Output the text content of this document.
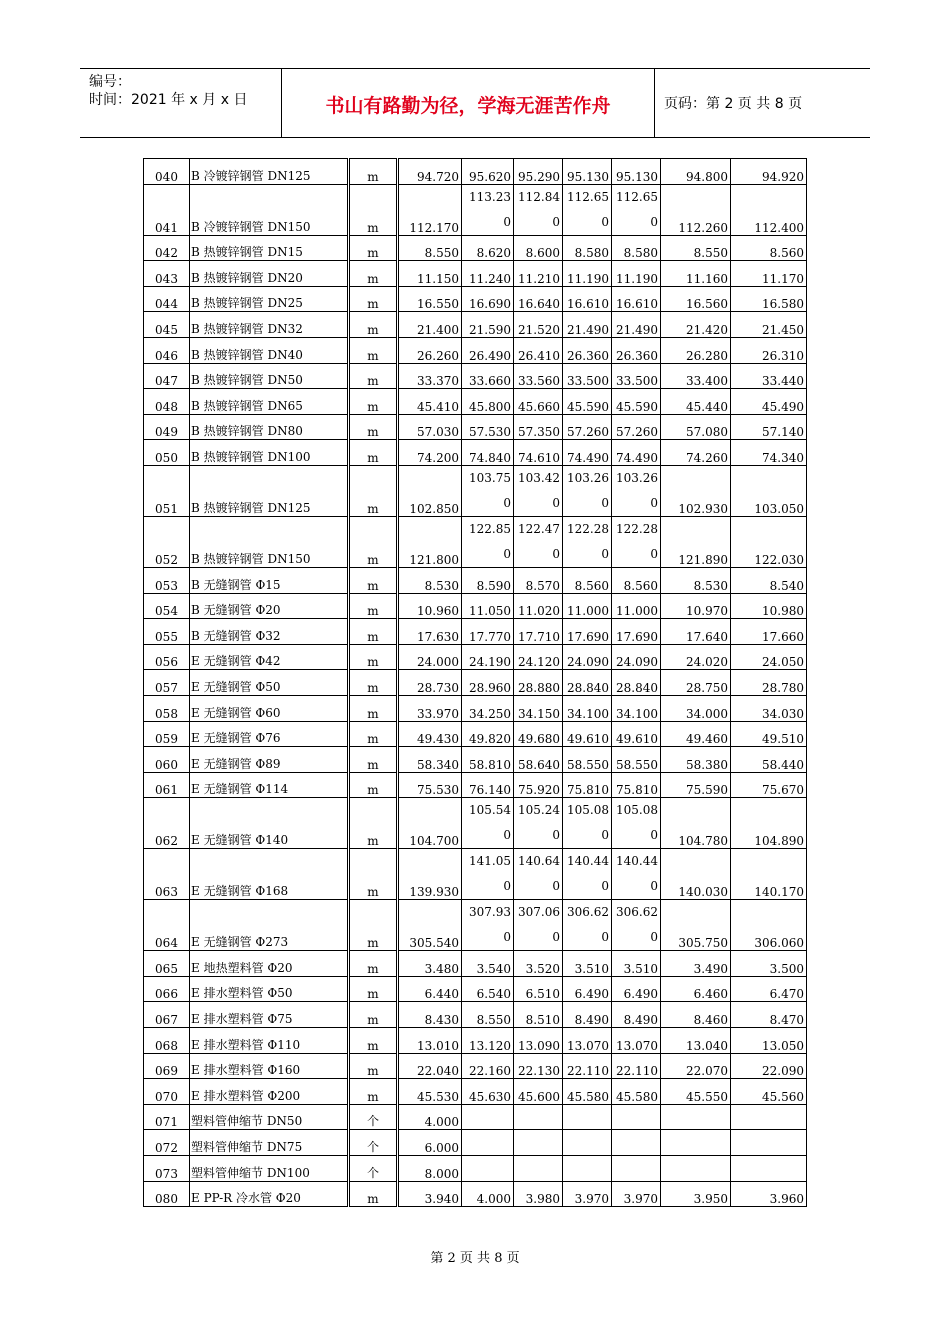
编号：
时间：2021 年 x 月 x 日	书山有路勤为径，学海无涯苦作舟	页码：第 2 页 共 8 页
040	B 冷镀锌钢管 DN125	m	94.720	95.620	95.290	95.130	95.130	94.800	94.920
041	B 冷镀锌钢管 DN150	m	112.170	113.230	112.840	112.650	112.650	112.260	112.400
042	B 热镀锌钢管 DN15	m	8.550	8.620	8.600	8.580	8.580	8.550	8.560
043	B 热镀锌钢管 DN20	m	11.150	11.240	11.210	11.190	11.190	11.160	11.170
044	B 热镀锌钢管 DN25	m	16.550	16.690	16.640	16.610	16.610	16.560	16.580
045	B 热镀锌钢管 DN32	m	21.400	21.590	21.520	21.490	21.490	21.420	21.450
046	B 热镀锌钢管 DN40	m	26.260	26.490	26.410	26.360	26.360	26.280	26.310
047	B 热镀锌钢管 DN50	m	33.370	33.660	33.560	33.500	33.500	33.400	33.440
048	B 热镀锌钢管 DN65	m	45.410	45.800	45.660	45.590	45.590	45.440	45.490
049	B 热镀锌钢管 DN80	m	57.030	57.530	57.350	57.260	57.260	57.080	57.140
050	B 热镀锌钢管 DN100	m	74.200	74.840	74.610	74.490	74.490	74.260	74.340
051	B 热镀锌钢管 DN125	m	102.850	103.750	103.420	103.260	103.260	102.930	103.050
052	B 热镀锌钢管 DN150	m	121.800	122.850	122.470	122.280	122.280	121.890	122.030
053	B 无缝钢管 Φ15	m	8.530	8.590	8.570	8.560	8.560	8.530	8.540
054	B 无缝钢管 Φ20	m	10.960	11.050	11.020	11.000	11.000	10.970	10.980
055	B 无缝钢管 Φ32	m	17.630	17.770	17.710	17.690	17.690	17.640	17.660
056	E 无缝钢管 Φ42	m	24.000	24.190	24.120	24.090	24.090	24.020	24.050
057	E 无缝钢管 Φ50	m	28.730	28.960	28.880	28.840	28.840	28.750	28.780
058	E 无缝钢管 Φ60	m	33.970	34.250	34.150	34.100	34.100	34.000	34.030
059	E 无缝钢管 Φ76	m	49.430	49.820	49.680	49.610	49.610	49.460	49.510
060	E 无缝钢管 Φ89	m	58.340	58.810	58.640	58.550	58.550	58.380	58.440
061	E 无缝钢管 Φ114	m	75.530	76.140	75.920	75.810	75.810	75.590	75.670
062	E 无缝钢管 Φ140	m	104.700	105.540	105.240	105.080	105.080	104.780	104.890
063	E 无缝钢管 Φ168	m	139.930	141.050	140.640	140.440	140.440	140.030	140.170
064	E 无缝钢管 Φ273	m	305.540	307.930	307.060	306.620	306.620	305.750	306.060
065	E 地热塑料管 Φ20	m	3.480	3.540	3.520	3.510	3.510	3.490	3.500
066	E 排水塑料管 Φ50	m	6.440	6.540	6.510	6.490	6.490	6.460	6.470
067	E 排水塑料管 Φ75	m	8.430	8.550	8.510	8.490	8.490	8.460	8.470
068	E 排水塑料管 Φ110	m	13.010	13.120	13.090	13.070	13.070	13.040	13.050
069	E 排水塑料管 Φ160	m	22.040	22.160	22.130	22.110	22.110	22.070	22.090
070	E 排水塑料管 Φ200	m	45.530	45.630	45.600	45.580	45.580	45.550	45.560
071	塑料管伸缩节 DN50	个	4.000						
072	塑料管伸缩节 DN75	个	6.000						
073	塑料管伸缩节 DN100	个	8.000						
080	E PP-R 冷水管 Φ20	m	3.940	4.000	3.980	3.970	3.970	3.950	3.960
第 2 页 共 8 页
